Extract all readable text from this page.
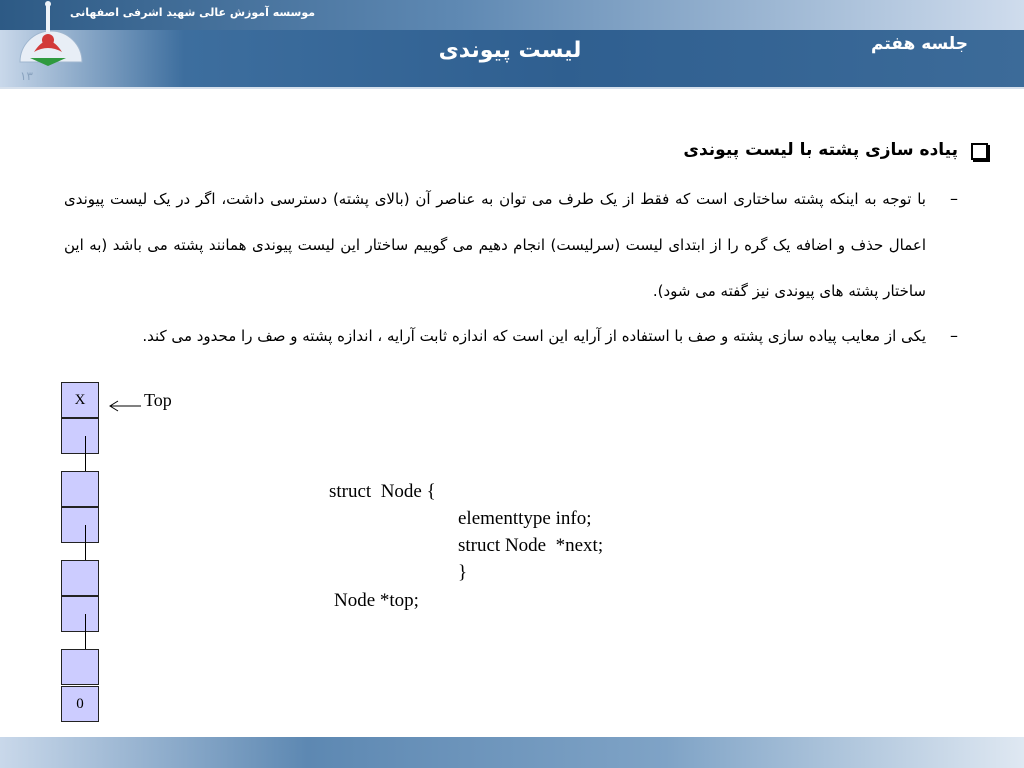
موسسه آموزش عالی شهید اشرفی اصفهانی
۱۳
لیست پیوندی	جلسه هفتم
پیاده سازی پشته با لیست پیوندی
–
با توجه به اینکه پشته ساختاری است که فقط از یک طرف می توان به عناصر آن (بالای پشته) دسترسی داشت، اگر در یک لیست پیوندی اعمال حذف و اضافه یک گره را از ابتدای لیست (سرلیست) انجام دهیم می گوییم ساختار این لیست پیوندی همانند پشته می باشد (به این ساختار پشته های پیوندی نیز گفته می شود).
–
یکی از معایب پیاده سازی پشته و صف با استفاده از آرایه این است که اندازه ثابت آرایه ، اندازه پشته و صف را محدود می کند.
X
0
Top
struct  Node {
elementtype info;
struct Node  *next;
}
Node *top;
